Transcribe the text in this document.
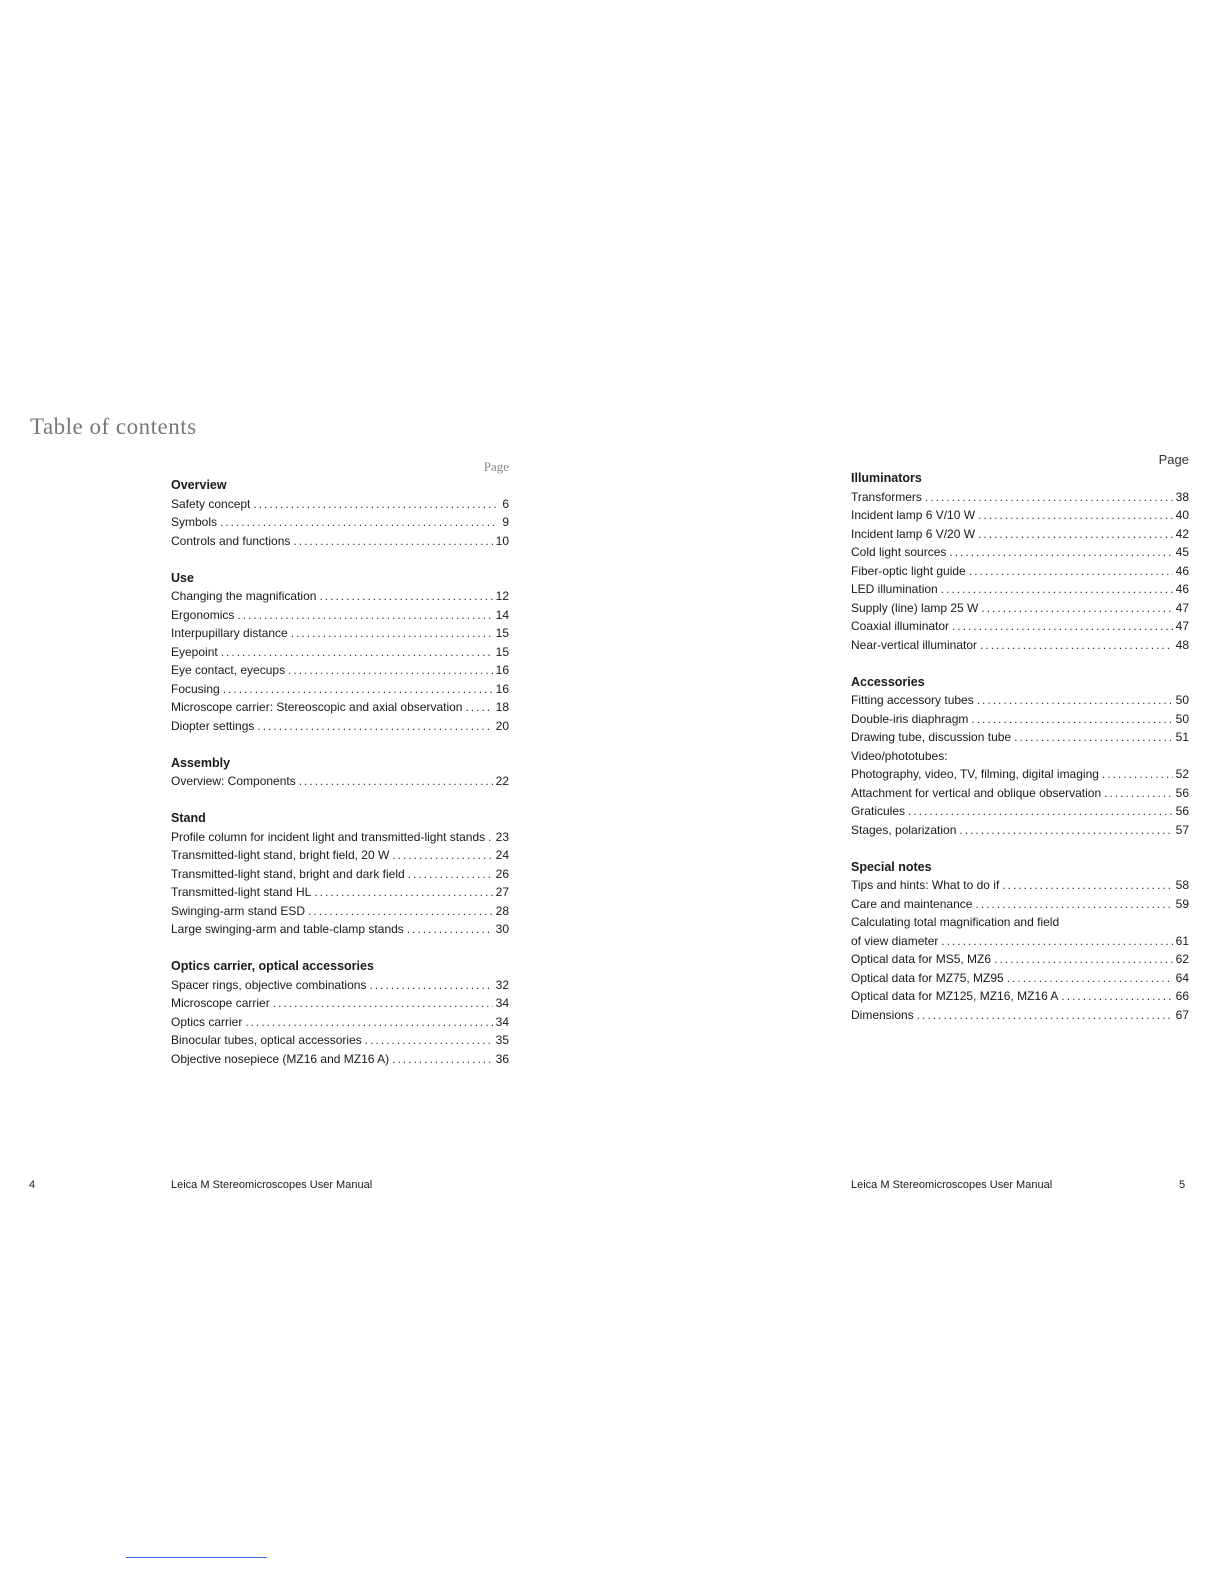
Table of contents
Page
Overview
Safety concept .....	6
Symbols .....	9
Controls and functions .....	10
Use
Changing the magnification .....	12
Ergonomics .....	14
Interpupillary distance .....	15
Eyepoint .....	15
Eye contact, eyecups .....	16
Focusing .....	16
Microscope carrier: Stereoscopic and axial observation .....	18
Diopter settings .....	20
Assembly
Overview: Components .....	22
Stand
Profile column for incident light and transmitted-light stands ..... 23
Transmitted-light stand, bright field, 20 W .....	24
Transmitted-light stand, bright and dark field .....	26
Transmitted-light stand HL .....	27
Swinging-arm stand ESD .....	28
Large swinging-arm and table-clamp stands .....	30
Optics carrier, optical accessories
Spacer rings, objective combinations .....	32
Microscope carrier .....	34
Optics carrier .....	34
Binocular tubes, optical accessories .....	35
Objective nosepiece (MZ16 and MZ16 A) .....	36
Page
Illuminators
Transformers .....	38
Incident lamp 6 V/10 W .....	40
Incident lamp 6 V/20 W .....	42
Cold light sources .....	45
Fiber-optic light guide .....	46
LED illumination .....	46
Supply (line) lamp 25 W .....	47
Coaxial illuminator .....	47
Near-vertical illuminator .....	48
Accessories
Fitting accessory tubes .....	50
Double-iris diaphragm .....	50
Drawing tube, discussion tube .....	51
Video/phototubes:
Photography, video, TV, filming, digital imaging .....	52
Attachment for vertical and oblique observation .....	56
Graticules .....	56
Stages, polarization .....	57
Special notes
Tips and hints: What to do if .....	58
Care and maintenance .....	59
Calculating total magnification and field
of view diameter .....	61
Optical data for MS5, MZ6 .....	62
Optical data for MZ75, MZ95 .....	64
Optical data for MZ125, MZ16, MZ16 A .....	66
Dimensions .....	67
4	Leica M Stereomicroscopes User Manual	Leica M Stereomicroscopes User Manual	5
